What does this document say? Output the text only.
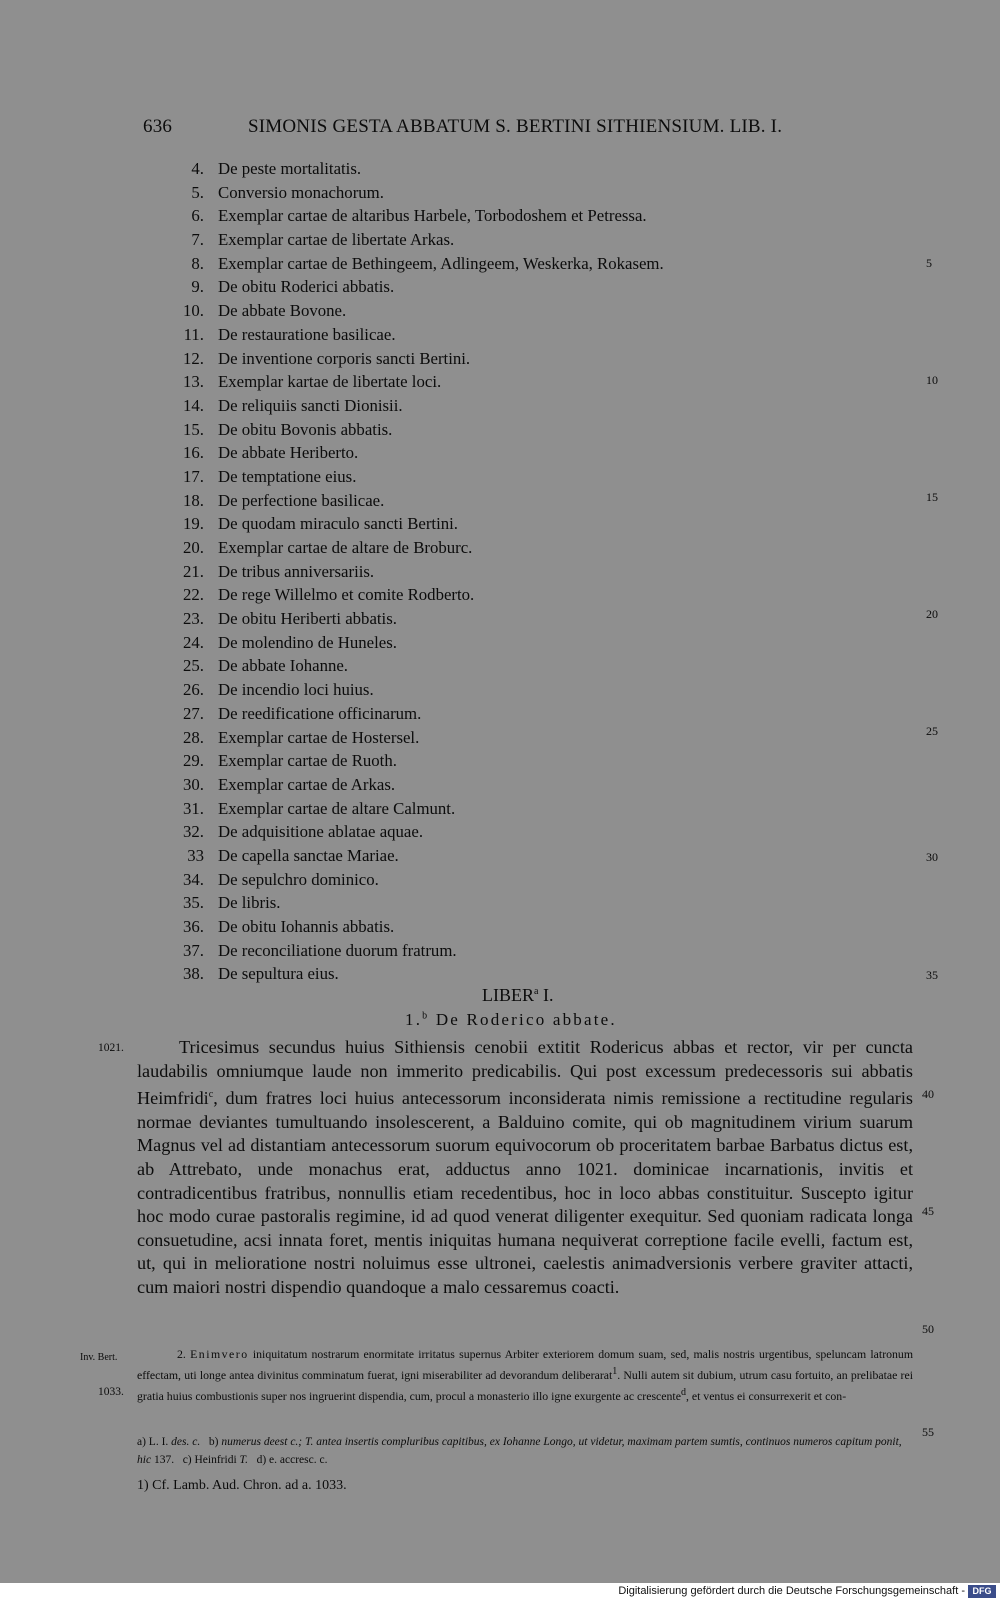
636	SIMONIS GESTA ABBATUM S. BERTINI SITHIENSIUM. LIB. I.
4. De peste mortalitatis.
5. Conversio monachorum.
6. Exemplar cartae de altaribus Harbele, Torbodoshem et Petressa.
7. Exemplar cartae de libertate Arkas.
8. Exemplar cartae de Bethingeem, Adlingeem, Weskerka, Rokasem.
9. De obitu Roderici abbatis.
10. De abbate Bovone.
11. De restauratione basilicae.
12. De inventione corporis sancti Bertini.
13. Exemplar kartae de libertate loci.
14. De reliquiis sancti Dionisii.
15. De obitu Bovonis abbatis.
16. De abbate Heriberto.
17. De temptatione eius.
18. De perfectione basilicae.
19. De quodam miraculo sancti Bertini.
20. Exemplar cartae de altare de Broburc.
21. De tribus anniversariis.
22. De rege Willelmo et comite Rodberto.
23. De obitu Heriberti abbatis.
24. De molendino de Huneles.
25. De abbate Iohanne.
26. De incendio loci huius.
27. De reedificatione officinarum.
28. Exemplar cartae de Hostersel.
29. Exemplar cartae de Ruoth.
30. Exemplar cartae de Arkas.
31. Exemplar cartae de altare Calmunt.
32. De adquisitione ablatae aquae.
33 De capella sanctae Mariae.
34. De sepulchro dominico.
35. De libris.
36. De obitu Iohannis abbatis.
37. De reconciliatione duorum fratrum.
38. De sepultura eius.
5
10
15
20
25
30
35
40
45
50
55
LIBER$^a$ I.
1.$^b$ De Roderico abbate.
1021.
Inv. Bert.
1033.

Tricesimus secundus huius Sithiensis cenobii extitit Rodericus abbas et rector, vir per cuncta laudabilis omniumque laude non immerito predicabilis. Qui post excessum predecessoris sui abbatis Heimfridi$^c$, dum fratres loci huius antecessorum inconsiderata nimis remissione a rectitudine regularis normae deviantes tumultuando insolescerent, a Balduino comite, qui ob magnitudinem virium suarum Magnus vel ad distantiam antecessorum suorum equivocorum ob proceritatem barbae Barbatus dictus est, ab Attrebato, unde monachus erat, adductus anno 1021. dominicae incarnationis, invitis et contradicentibus fratribus, nonnullis etiam recedentibus, hoc in loco abbas constituitur. Suscepto igitur hoc modo curae pastoralis regimine, id ad quod venerat diligenter exequitur. Sed quoniam radicata longa consuetudine, acsi innata foret, mentis iniquitas humana nequiverat correptione facile evelli, factum est, ut, qui in melioratione nostri noluimus esse ultronei, caelestis animadversionis verbere graviter attacti, cum maiori nostri dispendio quandoque a malo cessaremus coacti.

2. Enimvero iniquitatum nostrarum enormitate irritatus supernus Arbiter exteriorem domum suam, sed, malis nostris urgentibus, speluncam latronum effectam, uti longe antea divinitus comminatum fuerat, igni miserabiliter ad devorandum deliberarat$^1$. Nulli autem sit dubium, utrum casu fortuito, an prelibatae rei gratia huius combustionis super nos ingruerint dispendia, cum, procul a monasterio illo igne exurgente ac crescente$^d$, et ventus ei consurrexerit et con-

a) L. I. des. c. b) numerus deest c.; T. antea insertis compluribus capitibus, ex Iohanne Longo, ut videtur, maximam partem sumtis, continuos numeros capitum ponit, hic 137. c) Heinfridi T. d) e. accresc. c.

1) Cf. Lamb. Aud. Chron. ad a. 1033.
Digitalisierung gefördert durch die Deutsche Forschungsgemeinschaft - DFG
